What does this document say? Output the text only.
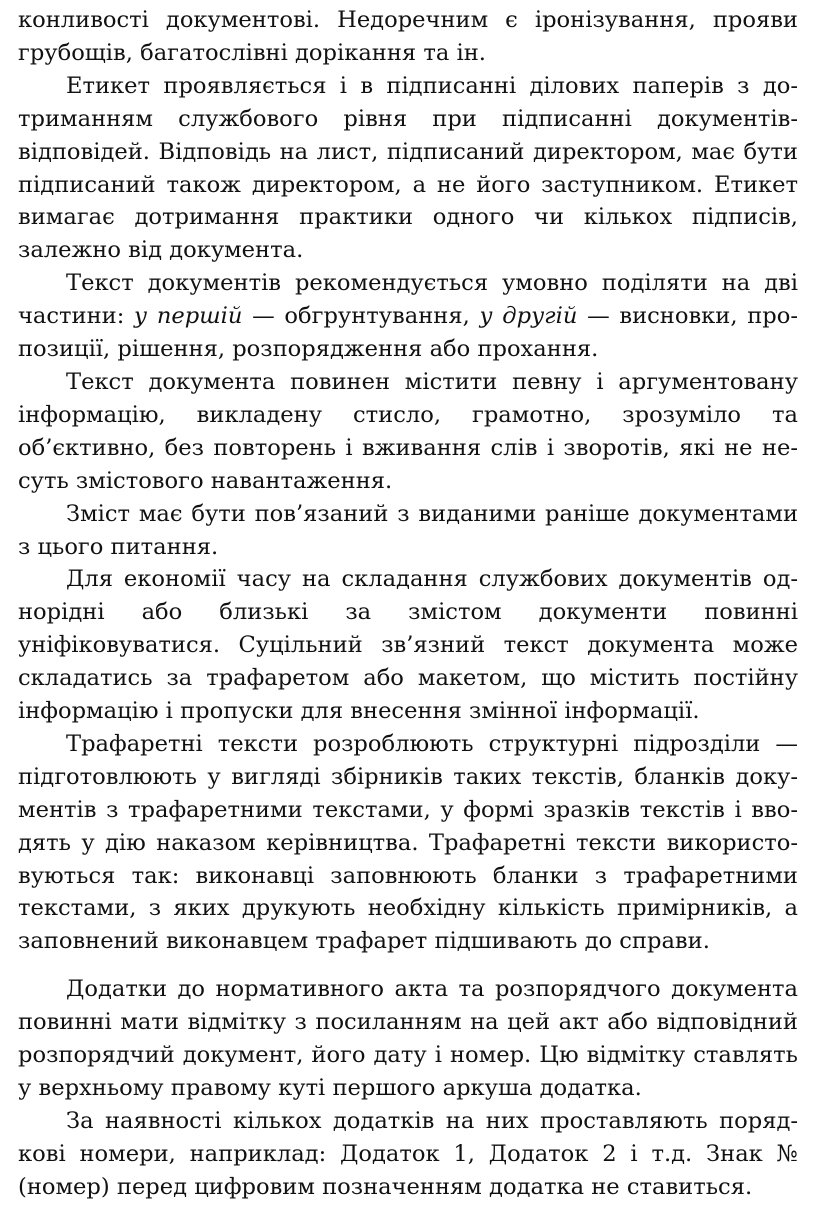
конливості документові. Недоречним є іронізування, прояви грубощів, багатослівні дорікання та ін.

Етикет проявляється і в підписанні ділових паперів з дотриманням службового рівня при підписанні документів-відповідей. Відповідь на лист, підписаний директором, має бути підписаний також директором, а не його заступником. Етикет вимагає дотримання практики одного чи кількох підписів, залежно від документа.

Текст документів рекомендується умовно поділяти на дві частини: у першій — обгрунтування, у другій — висновки, пропозиції, рішення, розпорядження або прохання.

Текст документа повинен містити певну і аргументовану інформацію, викладену стисло, грамотно, зрозуміло та об’єктивно, без повторень і вживання слів і зворотів, які не несуть змістового навантаження.

Зміст має бути пов’язаний з виданими раніше документами з цього питання.

Для економії часу на складання службових документів однорідні або близькі за змістом документи повинні уніфіковуватися. Суцільний зв’язний текст документа може складатись за трафаретом або макетом, що містить постійну інформацію і пропуски для внесення змінної інформації.

Трафаретні тексти розроблюють структурні підрозділи — підготовлюють у вигляді збірників таких текстів, бланків документів з трафаретними текстами, у формі зразків текстів і вводять у дію наказом керівництва. Трафаретні тексти використовуються так: виконавці заповнюють бланки з трафаретними текстами, з яких друкують необхідну кількість примірників, а заповнений виконавцем трафарет підшивають до справи.

Додатки до нормативного акта та розпорядчого документа повинні мати відмітку з посиланням на цей акт або відповідний розпорядчий документ, його дату і номер. Цю відмітку ставлять у верхньому правому куті першого аркуша додатка.

За наявності кількох додатків на них проставляють порядкові номери, наприклад: Додаток 1, Додаток 2 і т.д. Знак № (номер) перед цифровим позначенням додатка не ставиться.
